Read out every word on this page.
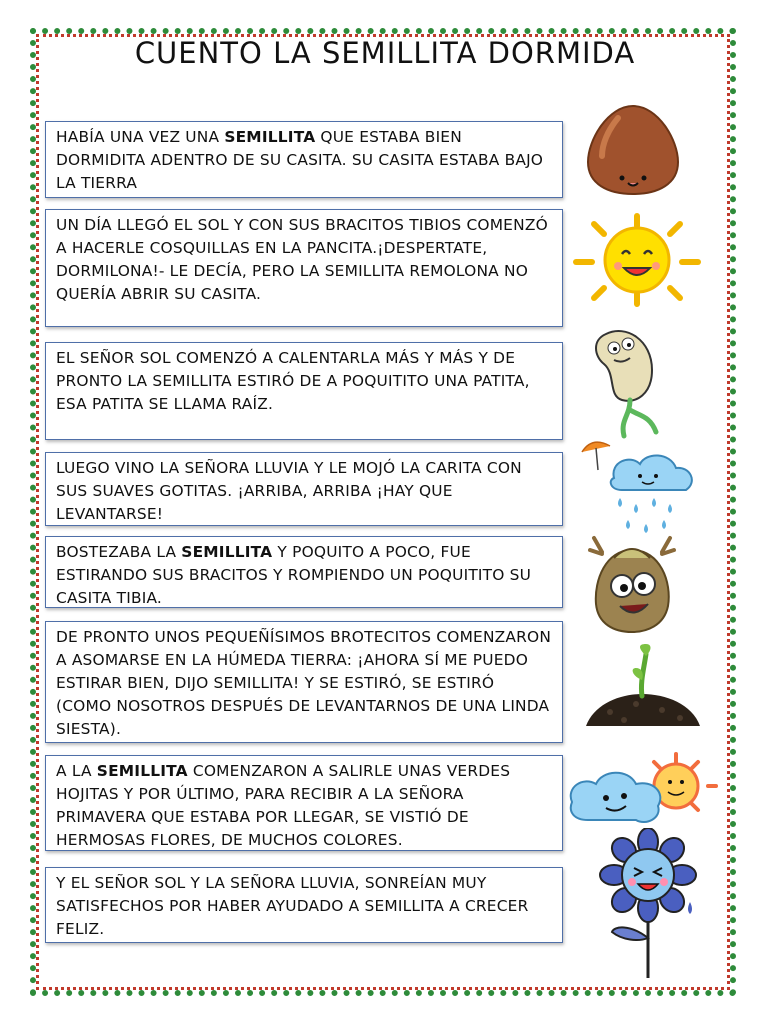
CUENTO LA SEMILLITA DORMIDA
HABÍA UNA VEZ UNA SEMILLITA QUE ESTABA BIEN DORMIDITA ADENTRO DE SU CASITA. SU CASITA ESTABA BAJO LA TIERRA
UN DÍA LLEGÓ EL SOL Y CON SUS BRACITOS TIBIOS COMENZÓ A HACERLE COSQUILLAS EN LA PANCITA.¡DESPERTATE, DORMILONA!- LE DECÍA, PERO LA SEMILLITA REMOLONA NO QUERÍA ABRIR SU CASITA.
EL SEÑOR SOL COMENZÓ A CALENTARLA MÁS Y MÁS Y DE PRONTO LA SEMILLITA ESTIRÓ DE A POQUITITO UNA PATITA, ESA PATITA SE LLAMA RAÍZ.
LUEGO VINO LA SEÑORA LLUVIA Y LE MOJÓ LA CARITA CON SUS SUAVES GOTITAS. ¡ARRIBA, ARRIBA ¡HAY QUE LEVANTARSE!
BOSTEZABA LA SEMILLITA Y POQUITO A POCO, FUE ESTIRANDO SUS BRACITOS Y ROMPIENDO UN POQUITITO SU CASITA TIBIA.
DE PRONTO UNOS PEQUEÑÍSIMOS BROTECITOS COMENZARON A ASOMARSE EN LA HÚMEDA TIERRA: ¡AHORA SÍ ME PUEDO ESTIRAR BIEN, DIJO SEMILLITA! Y SE ESTIRÓ, SE ESTIRÓ (COMO NOSOTROS DESPUÉS DE LEVANTARNOS DE UNA LINDA SIESTA).
A LA SEMILLITA COMENZARON A SALIRLE UNAS VERDES HOJITAS Y POR ÚLTIMO, PARA RECIBIR A LA SEÑORA PRIMAVERA QUE ESTABA POR LLEGAR, SE VISTIÓ DE HERMOSAS FLORES, DE MUCHOS COLORES.
Y EL SEÑOR SOL Y LA SEÑORA LLUVIA, SONREÍAN MUY SATISFECHOS POR HABER AYUDADO A SEMILLITA A CRECER FELIZ.
